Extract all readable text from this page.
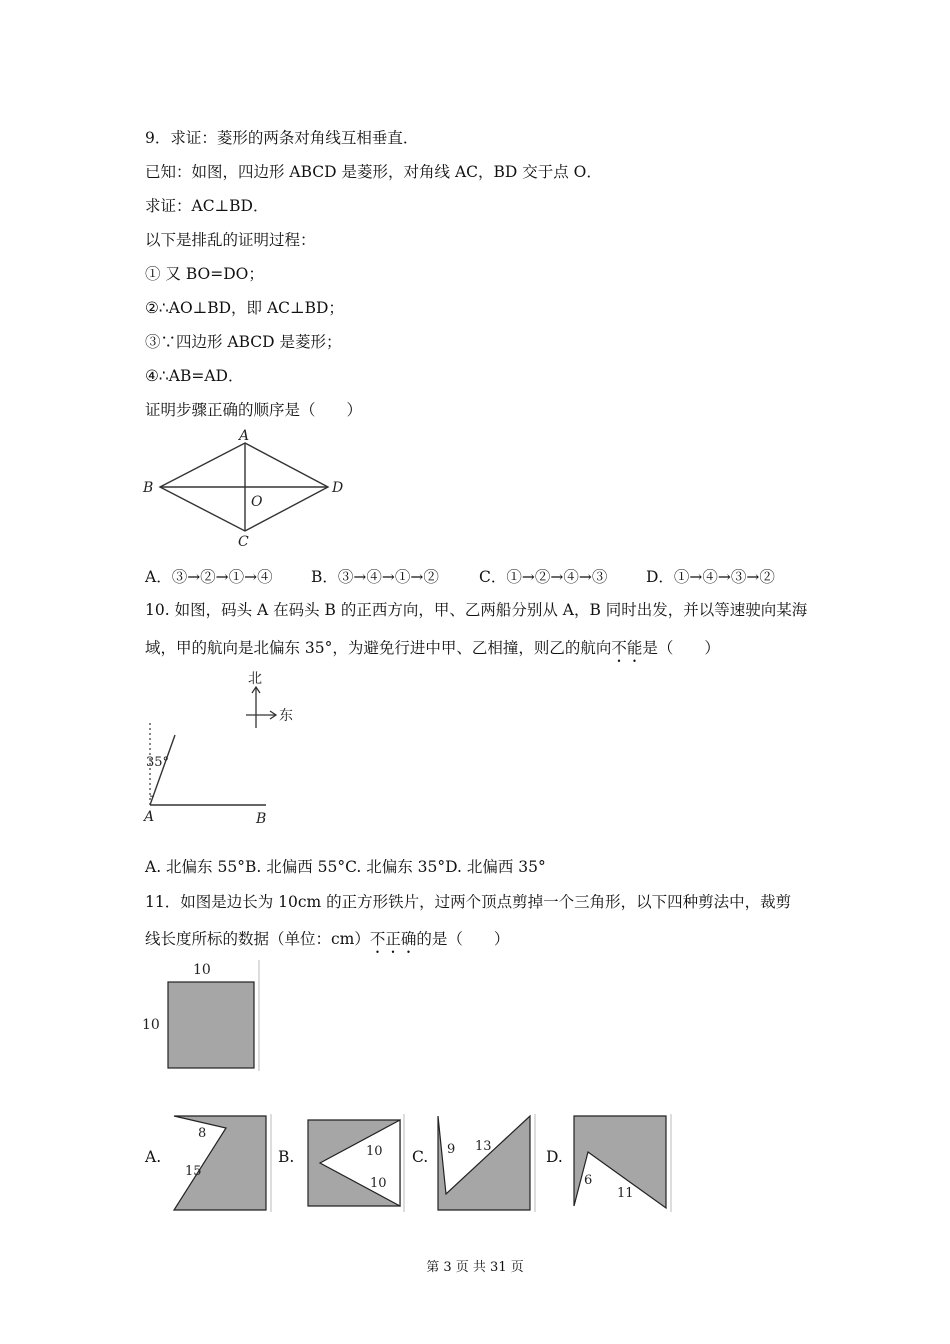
9．求证：菱形的两条对角线互相垂直．
已知：如图，四边形 ABCD 是菱形，对角线 AC，BD 交于点 O．
求证：AC⊥BD．
以下是排乱的证明过程：
① 又 BO=DO；
②∴AO⊥BD，即 AC⊥BD；
③∵四边形 ABCD 是菱形；
④∴AB=AD．
证明步骤正确的顺序是（　　）
A
B
C
D
O
A．③→②→①→④ B．③→④→①→②	C．①→②→④→③ D．①→④→③→②
10. 如图，码头 A 在码头 B 的正西方向，甲、乙两船分别从 A，B 同时出发，并以等速驶向某海
域，甲的航向是北偏东 35°，为避免行进中甲、乙相撞，则乙的航向不能是（　　）
北
东
35°
A	B
A. 北偏东 55°B. 北偏西 55°C. 北偏东 35°D. 北偏西 35°
11．如图是边长为 10cm 的正方形铁片，过两个顶点剪掉一个三角形，以下四种剪法中，裁剪
线长度所标的数据（单位：cm）不正确的是（　　）
10
10
A.
8
15
B.	10
10
C. 9 13
D.
6
11
第 3 页 共 31 页
